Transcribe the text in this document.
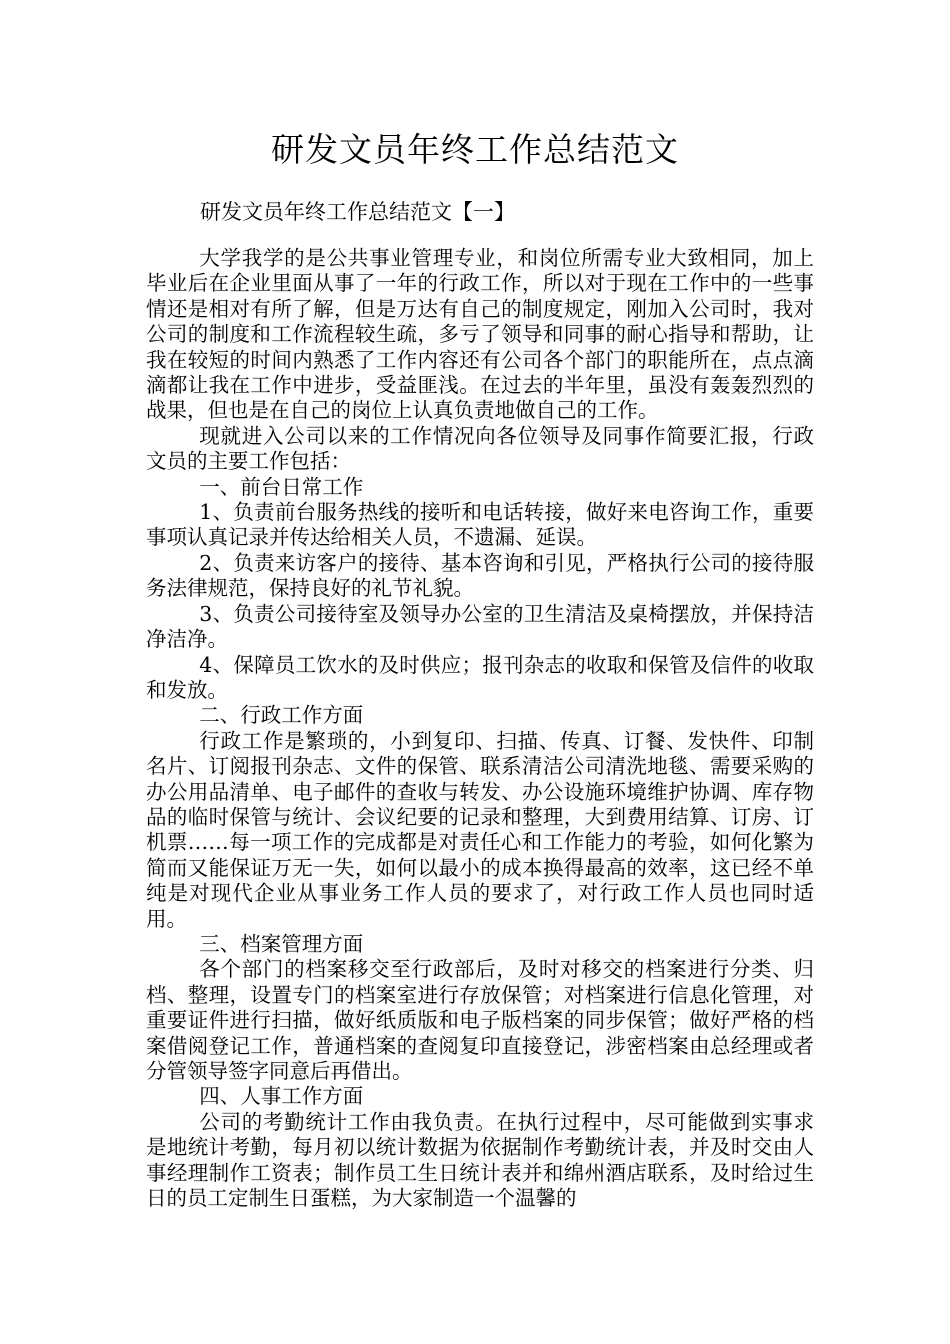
研发文员年终工作总结范文
研发文员年终工作总结范文【一】

大学我学的是公共事业管理专业，和岗位所需专业大致相同，加上毕业后在企业里面从事了一年的行政工作，所以对于现在工作中的一些事情还是相对有所了解，但是万达有自己的制度规定，刚加入公司时，我对公司的制度和工作流程较生疏，多亏了领导和同事的耐心指导和帮助，让我在较短的时间内熟悉了工作内容还有公司各个部门的职能所在，点点滴滴都让我在工作中进步，受益匪浅。在过去的半年里，虽没有轰轰烈烈的战果，但也是在自己的岗位上认真负责地做自己的工作。

现就进入公司以来的工作情况向各位领导及同事作简要汇报，行政文员的主要工作包括：

一、前台日常工作

1、负责前台服务热线的接听和电话转接，做好来电咨询工作，重要事项认真记录并传达给相关人员，不遗漏、延误。

2、负责来访客户的接待、基本咨询和引见，严格执行公司的接待服务法律规范，保持良好的礼节礼貌。

3、负责公司接待室及领导办公室的卫生清洁及桌椅摆放，并保持洁净洁净。

4、保障员工饮水的及时供应；报刊杂志的收取和保管及信件的收取和发放。

二、行政工作方面

行政工作是繁琐的，小到复印、扫描、传真、订餐、发快件、印制名片、订阅报刊杂志、文件的保管、联系清洁公司清洗地毯、需要采购的办公用品清单、电子邮件的查收与转发、办公设施环境维护协调、库存物品的临时保管与统计、会议纪要的记录和整理，大到费用结算、订房、订机票……每一项工作的完成都是对责任心和工作能力的考验，如何化繁为简而又能保证万无一失，如何以最小的成本换得最高的效率，这已经不单纯是对现代企业从事业务工作人员的要求了，对行政工作人员也同时适用。

三、档案管理方面

各个部门的档案移交至行政部后，及时对移交的档案进行分类、归档、整理，设置专门的档案室进行存放保管；对档案进行信息化管理，对重要证件进行扫描，做好纸质版和电子版档案的同步保管；做好严格的档案借阅登记工作，普通档案的查阅复印直接登记，涉密档案由总经理或者分管领导签字同意后再借出。

四、人事工作方面

公司的考勤统计工作由我负责。在执行过程中，尽可能做到实事求是地统计考勤，每月初以统计数据为依据制作考勤统计表，并及时交由人事经理制作工资表；制作员工生日统计表并和绵州酒店联系，及时给过生日的员工定制生日蛋糕，为大家制造一个温馨的
